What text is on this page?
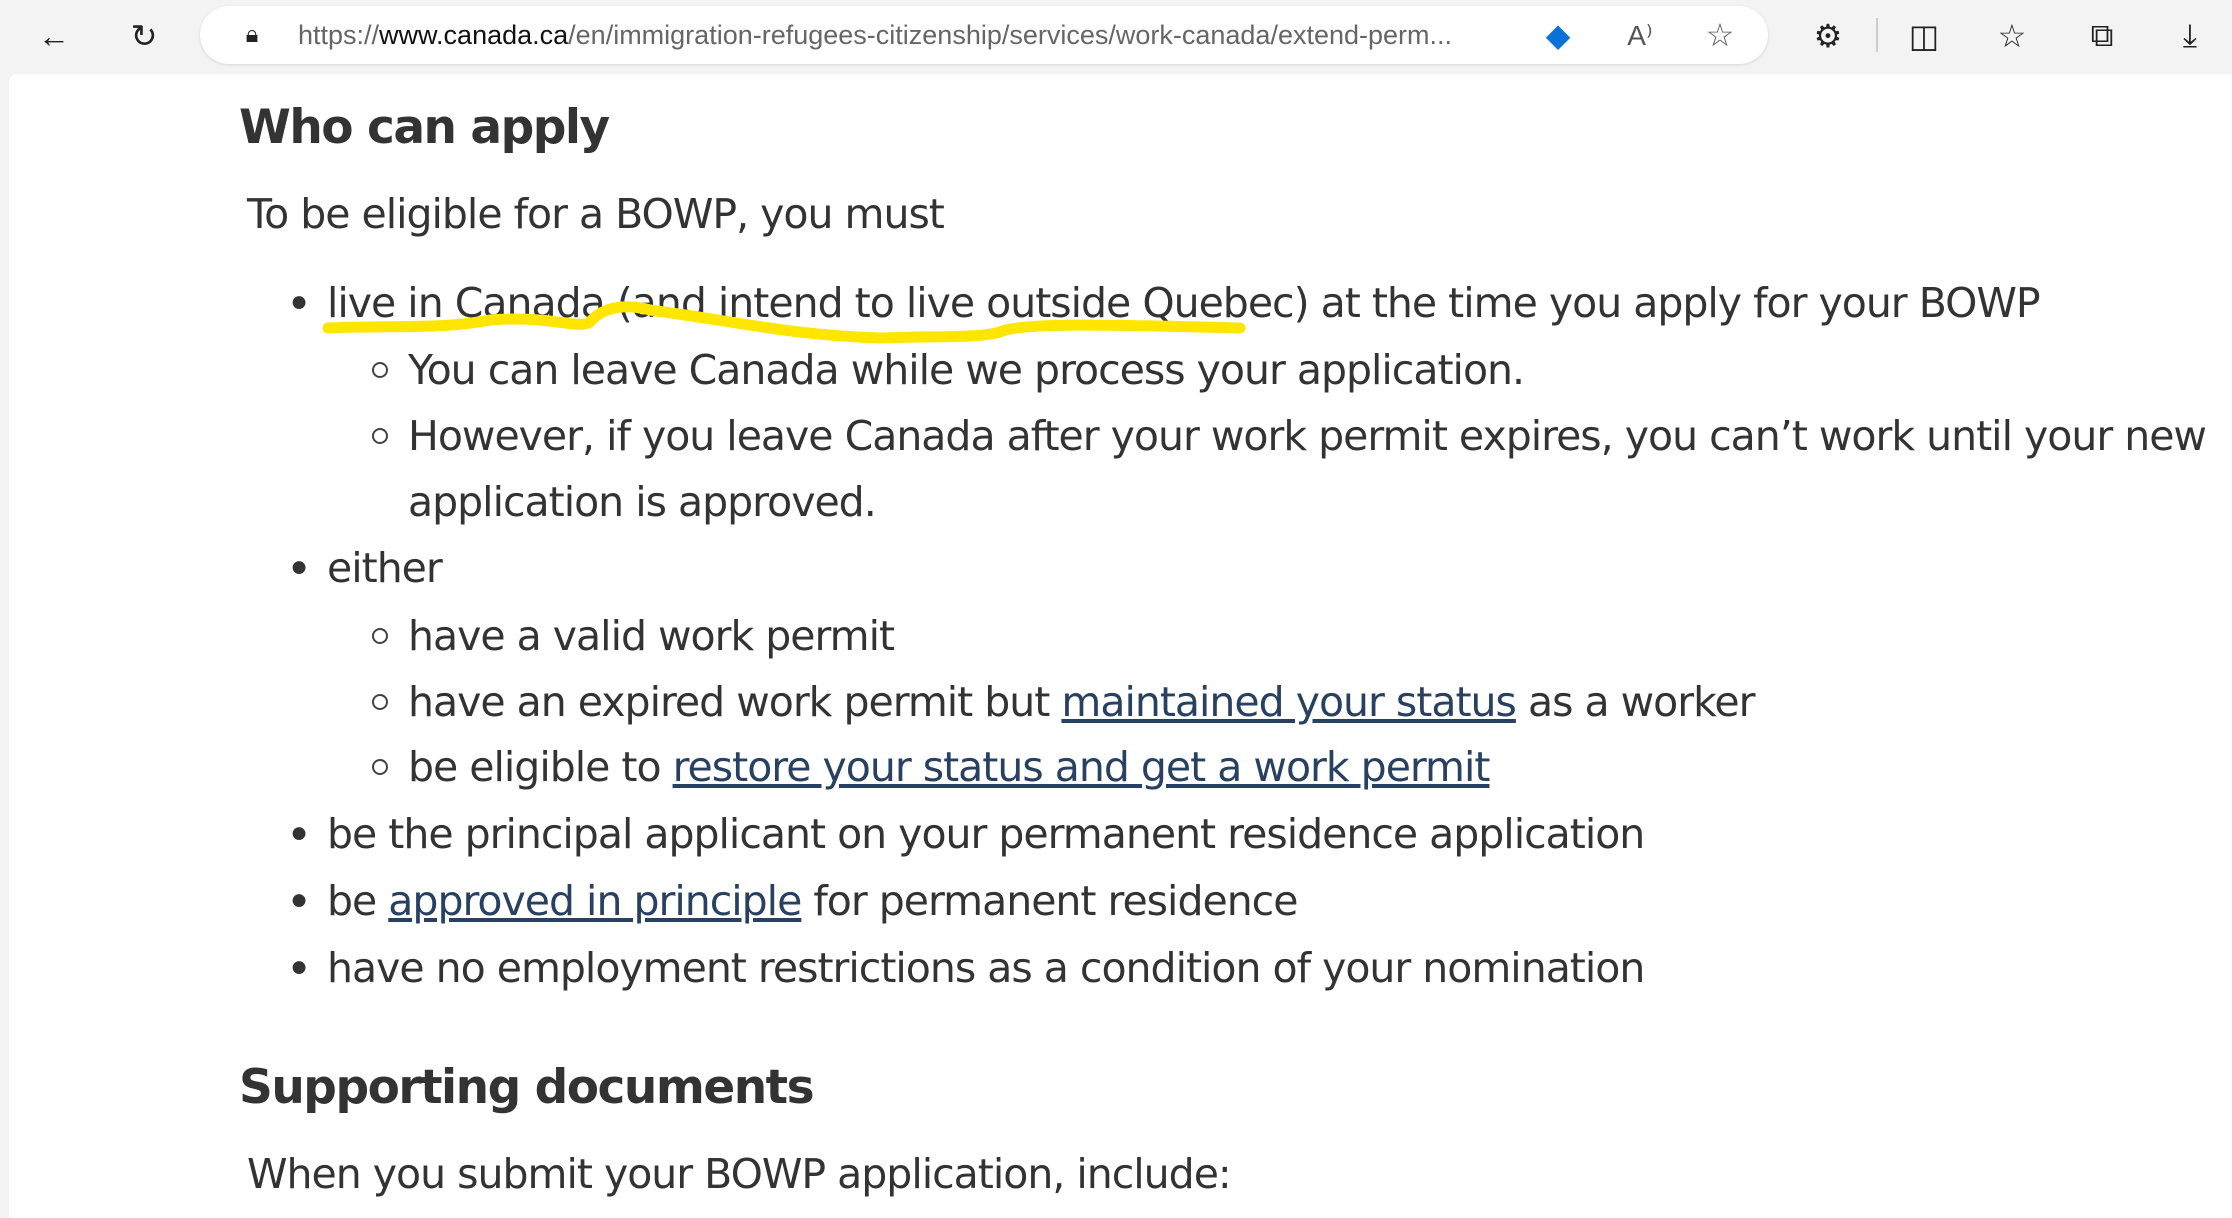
← ↻	🔒︎	https://www.canada.ca/en/immigration-refugees-citizenship/services/work-canada/extend-perm...	◆	A⁾ ☆ ⚙ ◫ ☆	⧉	⤓
Who can apply
To be eligible for a BOWP, you must
● live in Canada (and intend to live outside Quebec) at the time you apply for your BOWP
You can leave Canada while we process your application.
However, if you leave Canada after your work permit expires, you can’t work until your new
application is approved.
● either
have a valid work permit
have an expired work permit but maintained your status as a worker
be eligible to restore your status and get a work permit
● be the principal applicant on your permanent residence application
● be approved in principle for permanent residence
● have no employment restrictions as a condition of your nomination
Supporting documents
When you submit your BOWP application, include:
